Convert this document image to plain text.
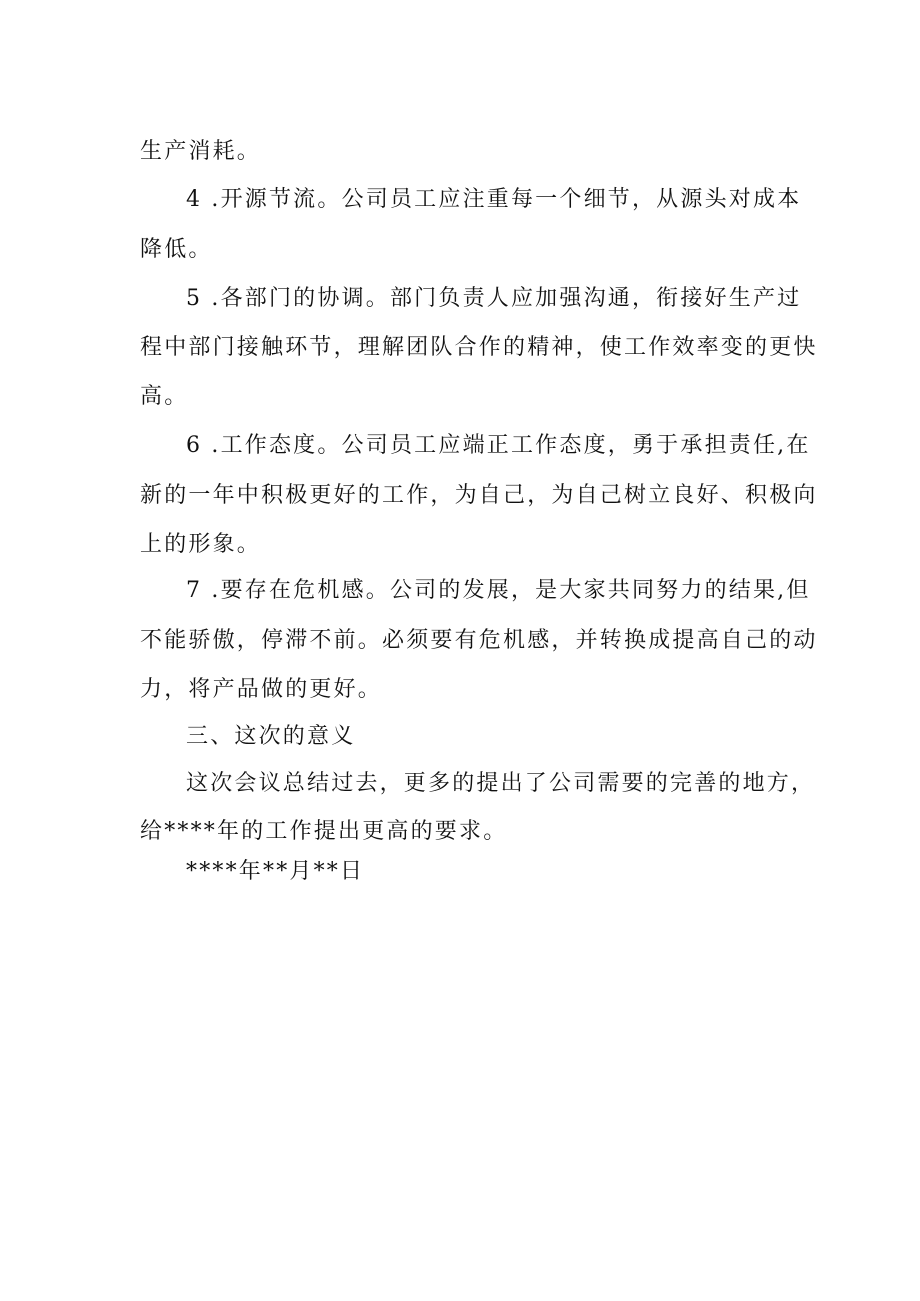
生产消耗。
4 .开源节流。公司员工应注重每一个细节，从源头对成本
降低。
5 .各部门的协调。部门负责人应加强沟通，衔接好生产过
程中部门接触环节，理解团队合作的精神，使工作效率变的更快
高。
6 .工作态度。公司员工应端正工作态度，勇于承担责任,在
新的一年中积极更好的工作，为自己，为自己树立良好、积极向
上的形象。
7 .要存在危机感。公司的发展，是大家共同努力的结果,但
不能骄傲，停滞不前。必须要有危机感，并转换成提高自己的动
力，将产品做的更好。
三、这次的意义
这次会议总结过去，更多的提出了公司需要的完善的地方，
给****年的工作提出更高的要求。
****年**月**日
